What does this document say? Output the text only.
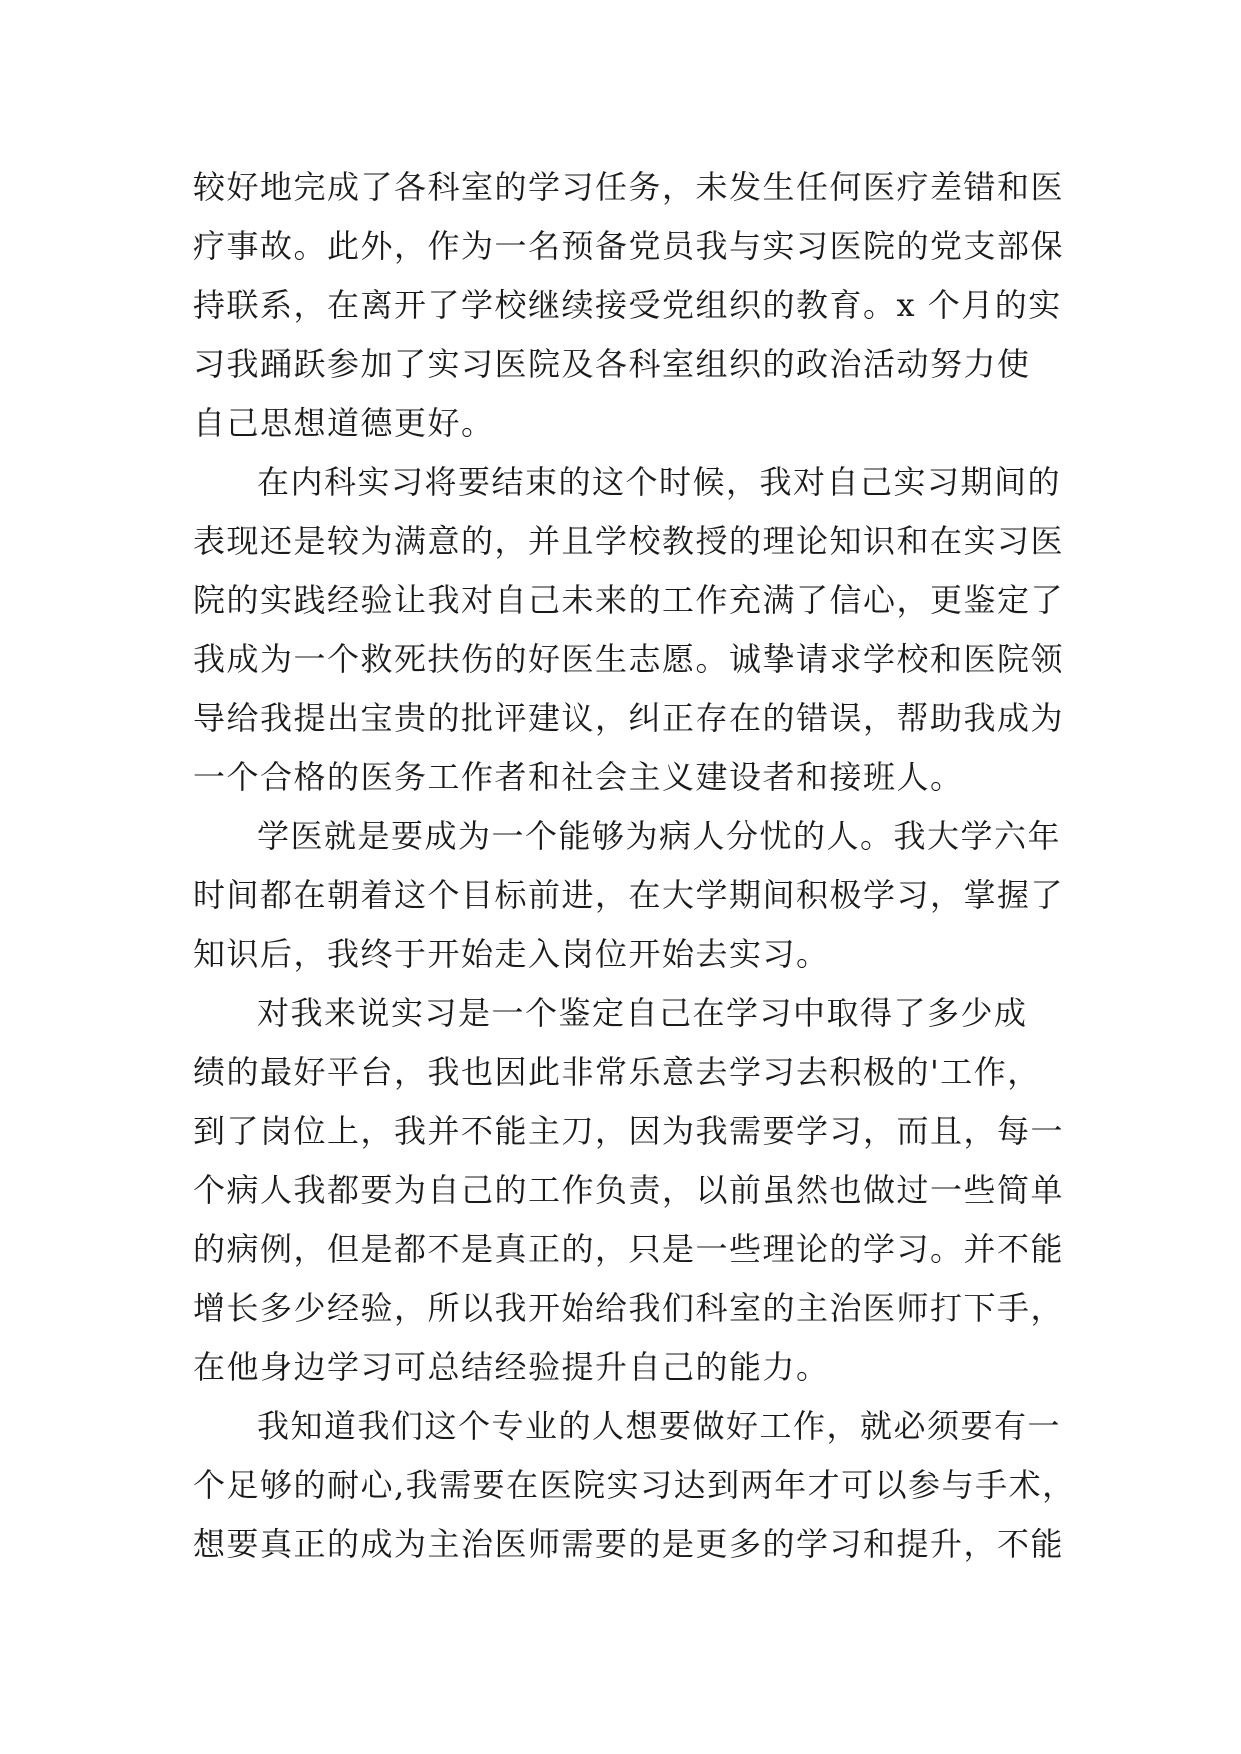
较好地完成了各科室的学习任务，未发生任何医疗差错和医
疗事故。此外，作为一名预备党员我与实习医院的党支部保
持联系，在离开了学校继续接受党组织的教育。x 个月的实
习我踊跃参加了实习医院及各科室组织的政治活动努力使
自己思想道德更好。
在内科实习将要结束的这个时候，我对自己实习期间的
表现还是较为满意的，并且学校教授的理论知识和在实习医
院的实践经验让我对自己未来的工作充满了信心，更鉴定了
我成为一个救死扶伤的好医生志愿。诚挚请求学校和医院领
导给我提出宝贵的批评建议，纠正存在的错误，帮助我成为
一个合格的医务工作者和社会主义建设者和接班人。
学医就是要成为一个能够为病人分忧的人。我大学六年
时间都在朝着这个目标前进，在大学期间积极学习，掌握了
知识后，我终于开始走入岗位开始去实习。
对我来说实习是一个鉴定自己在学习中取得了多少成
绩的最好平台，我也因此非常乐意去学习去积极的'工作，
到了岗位上，我并不能主刀，因为我需要学习，而且，每一
个病人我都要为自己的工作负责，以前虽然也做过一些简单
的病例，但是都不是真正的，只是一些理论的学习。并不能
增长多少经验，所以我开始给我们科室的主治医师打下手，
在他身边学习可总结经验提升自己的能力。
我知道我们这个专业的人想要做好工作，就必须要有一
个足够的耐心,我需要在医院实习达到两年才可以参与手术，
想要真正的成为主治医师需要的是更多的学习和提升，不能
